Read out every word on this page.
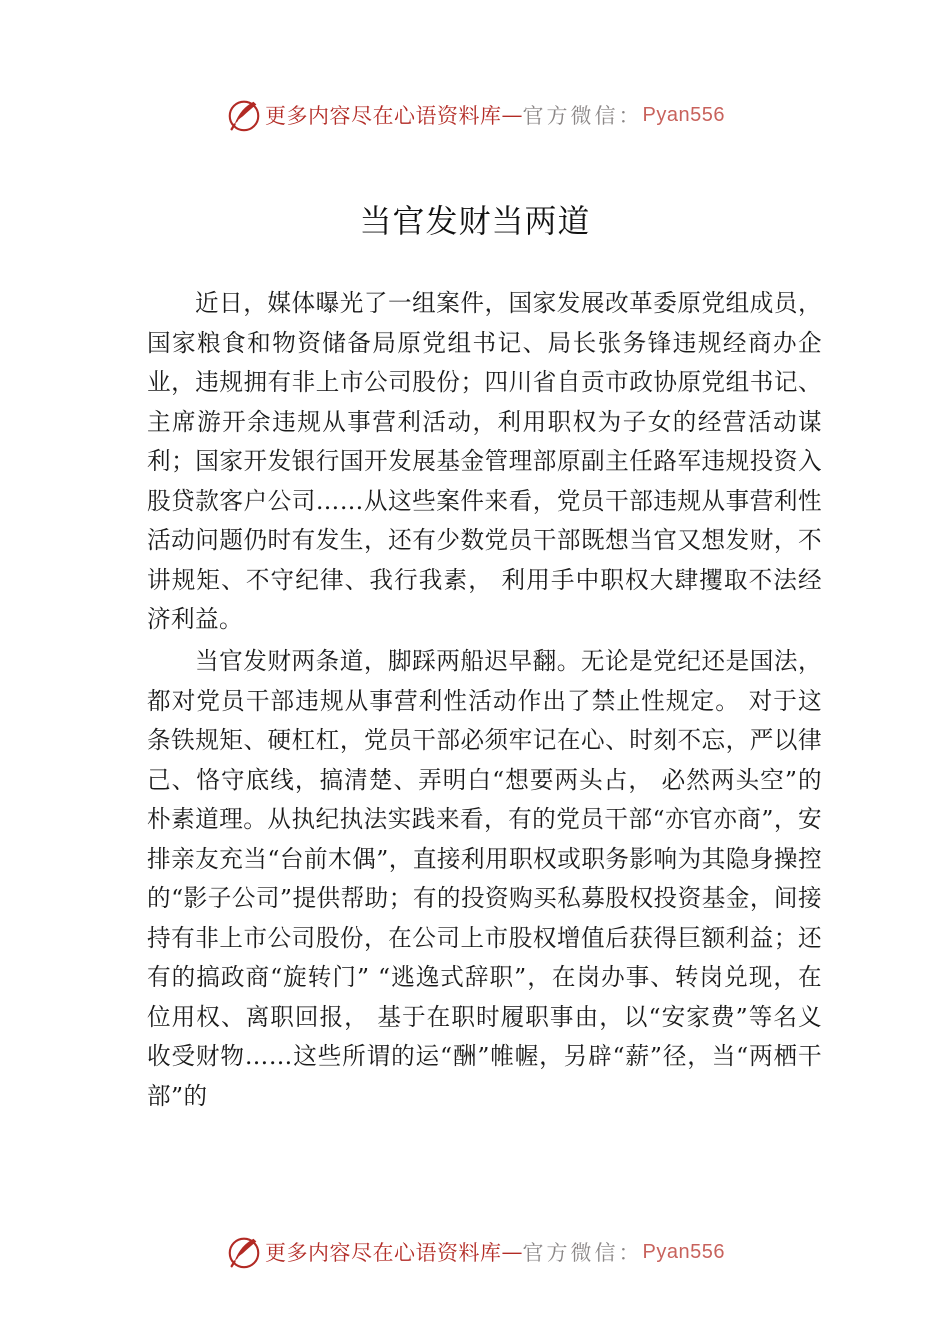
更多内容尽在心语资料库 — 官方微信： Pyan556
当官发财当两道

近日，媒体曝光了一组案件，国家发展改革委原党组成员，国家粮食和物资储备局原党组书记、局长张务锋违规经商办企业，违规拥有非上市公司股份；四川省自贡市政协原党组书记、主席游开余违规从事营利活动，利用职权为子女的经营活动谋利；国家开发银行国开发展基金管理部原副主任路军违规投资入股贷款客户公司……从这些案件来看，党员干部违规从事营利性活动问题仍时有发生，还有少数党员干部既想当官又想发财，不讲规矩、不守纪律、我行我素， 利用手中职权大肆攫取不法经济利益。

当官发财两条道，脚踩两船迟早翻。无论是党纪还是国法，都对党员干部违规从事营利性活动作出了禁止性规定。 对于这条铁规矩、硬杠杠，党员干部必须牢记在心、时刻不忘，严以律己、恪守底线，搞清楚、弄明白“想要两头占， 必然两头空”的朴素道理。从执纪执法实践来看，有的党员干部“亦官亦商”，安排亲友充当“台前木偶”，直接利用职权或职务影响为其隐身操控的“影子公司”提供帮助；有的投资购买私募股权投资基金，间接持有非上市公司股份，在公司上市股权增值后获得巨额利益；还有的搞政商“旋转门” “逃逸式辞职”，在岗办事、转岗兑现，在位用权、离职回报， 基于在职时履职事由，以“安家费”等名义收受财物……这些所谓的运“酬”帷幄，另辟“薪”径，当“两栖干部”的

更多内容尽在心语资料库 — 官方微信： Pyan556
